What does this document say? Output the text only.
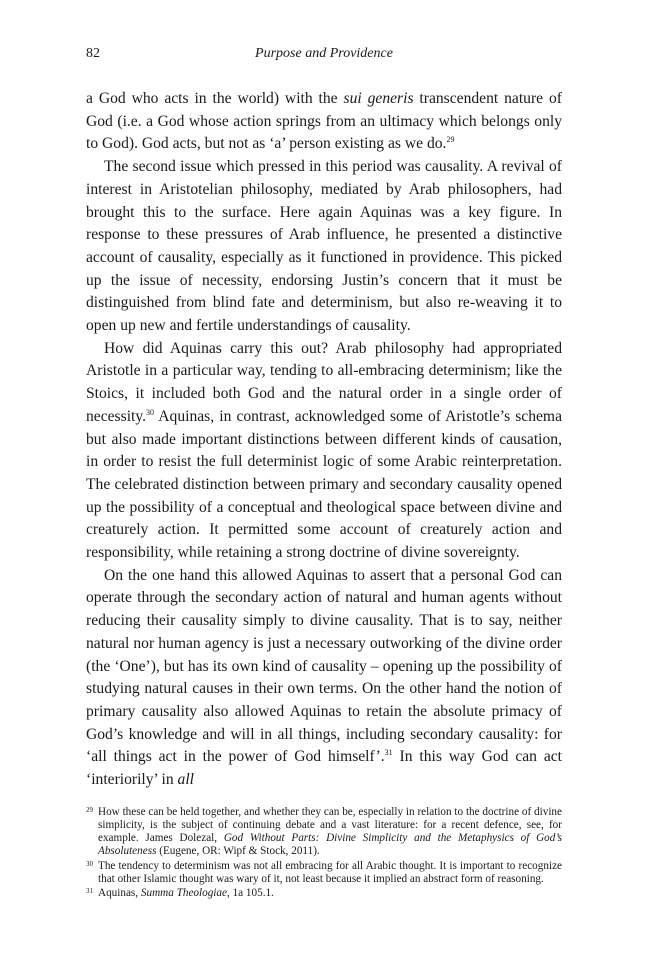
82	Purpose and Providence

a God who acts in the world) with the sui generis transcendent nature of God (i.e. a God whose action springs from an ultimacy which belongs only to God). God acts, but not as ‘a’ person existing as we do.$^{29}$

The second issue which pressed in this period was causality. A revival of interest in Aristotelian philosophy, mediated by Arab philosophers, had brought this to the surface. Here again Aquinas was a key figure. In response to these pressures of Arab influence, he presented a distinctive account of causality, especially as it functioned in providence. This picked up the issue of necessity, endorsing Justin’s concern that it must be distinguished from blind fate and determinism, but also re-weaving it to open up new and fertile understandings of causality.

How did Aquinas carry this out? Arab philosophy had appropriated Aristotle in a particular way, tending to all-embracing determinism; like the Stoics, it included both God and the natural order in a single order of necessity.$^{30}$ Aquinas, in contrast, acknowledged some of Aristotle’s schema but also made important distinctions between different kinds of causation, in order to resist the full determinist logic of some Arabic reinterpretation. The celebrated distinction between primary and secondary causality opened up the possibility of a conceptual and theological space between divine and creaturely action. It permitted some account of creaturely action and responsibility, while retaining a strong doctrine of divine sovereignty.

On the one hand this allowed Aquinas to assert that a personal God can operate through the secondary action of natural and human agents without reducing their causality simply to divine causality. That is to say, neither natural nor human agency is just a necessary outworking of the divine order (the ‘One’), but has its own kind of causality – opening up the possibility of studying natural causes in their own terms. On the other hand the notion of primary causality also allowed Aquinas to retain the absolute primacy of God’s knowledge and will in all things, including secondary causality: for ‘all things act in the power of God himself’.$^{31}$ In this way God can act ‘interiorily’ in all

29 How these can be held together, and whether they can be, especially in relation to the doctrine of divine simplicity, is the subject of continuing debate and a vast literature: for a recent defence, see, for example. James Dolezal, God Without Parts: Divine Simplicity and the Metaphysics of God’s Absoluteness (Eugene, OR: Wipf & Stock, 2011).
30 The tendency to determinism was not all embracing for all Arabic thought. It is important to recognize that other Islamic thought was wary of it, not least because it implied an abstract form of reasoning.
31 Aquinas, Summa Theologiae, 1a 105.1.
